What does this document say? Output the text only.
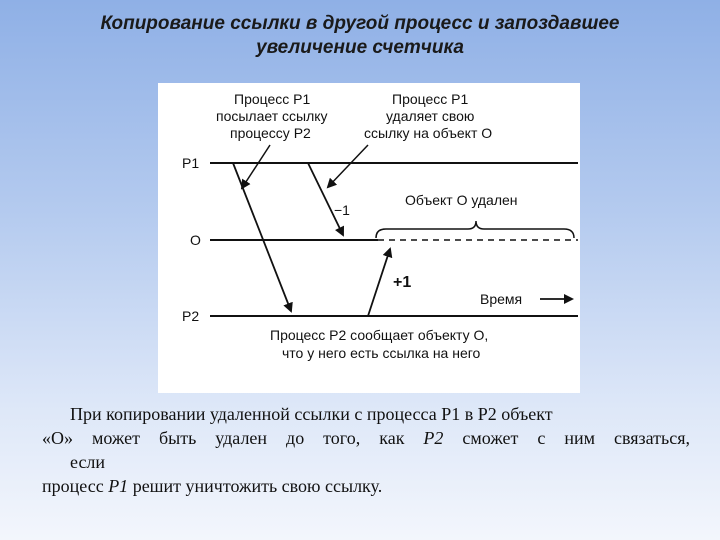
Копирование ссылки в другой процесс и запоздавшее
увеличение счетчика
P1
O
P2
Процесс Р1
посылает ссылку
процессу Р2
Процесс Р1
удаляет свою
ссылку на объект О
Объект О удален
−1
+1
Время
Процесс Р2 сообщает объекту О,
что у него есть ссылка на него
При копировании удаленной ссылки с процесса Р1 в Р2 объект
«О» может быть удален до того, как Р2 сможет с ним связаться,
если
процесс Р1 решит уничтожить свою ссылку.
